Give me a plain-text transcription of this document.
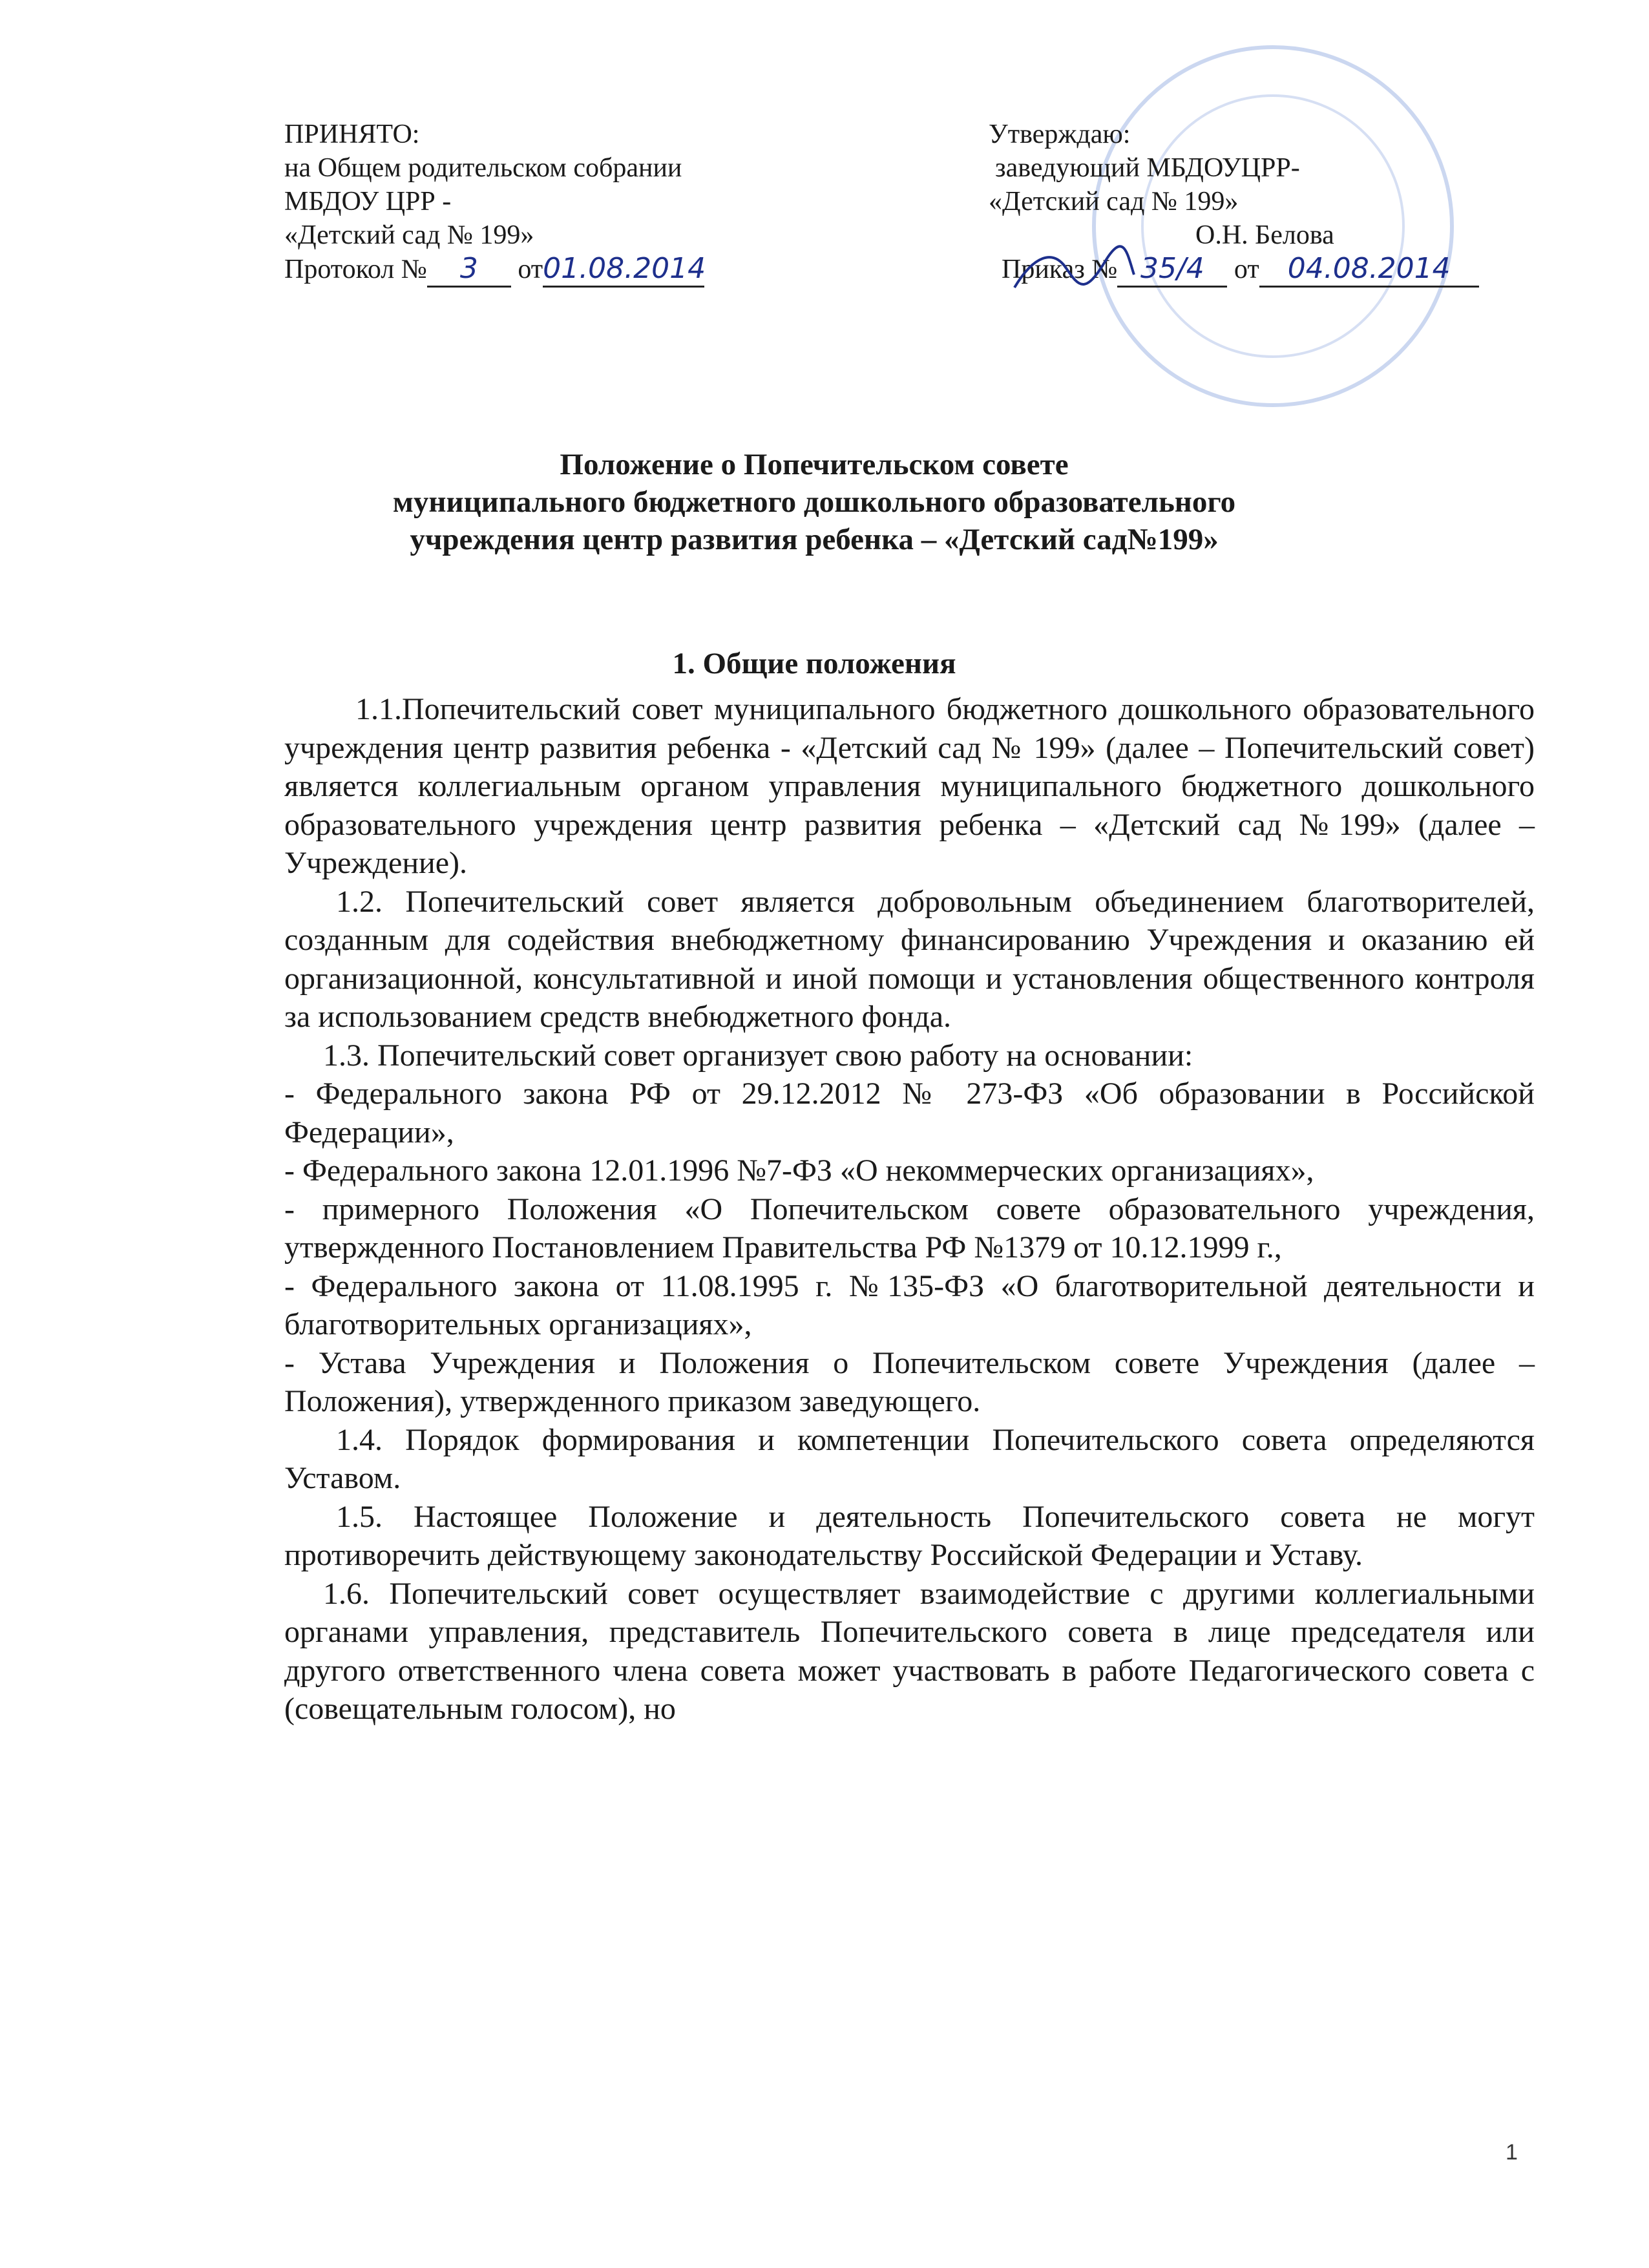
ПРИНЯТО:
на Общем родительском собрании
МБДОУ ЦРР -
«Детский сад № 199»
Протокол № 3 от01.08.2014
Утверждаю:
заведующий МБДОУЦРР-
«Детский сад № 199»
О.Н. Белова
Приказ № 35/4 от 04.08.2014
Положение о Попечительском совете
муниципального бюджетного дошкольного образовательного
учреждения центр развития ребенка – «Детский сад№199»
1. Общие положения

1.1.Попечительский совет муниципального бюджетного дошкольного образовательного учреждения центр развития ребенка - «Детский сад № 199» (далее – Попечительский совет) является коллегиальным органом управления муниципального бюджетного дошкольного образовательного учреждения центр развития ребенка – «Детский сад №199» (далее – Учреждение).

1.2. Попечительский совет является добровольным объединением благотворителей, созданным для содействия внебюджетному финансированию Учреждения и оказанию ей организационной, консультативной и иной помощи и установления общественного контроля за использованием средств внебюджетного фонда.

1.3. Попечительский совет организует свою работу на основании:

- Федерального закона РФ от 29.12.2012 № 273-ФЗ «Об образовании в Российской Федерации»,

- Федерального закона 12.01.1996 №7-ФЗ «О некоммерческих организациях»,

- примерного Положения «О Попечительском совете образовательного учреждения, утвержденного Постановлением Правительства РФ №1379 от 10.12.1999 г.,

- Федерального закона от 11.08.1995 г. №135-ФЗ «О благотворительной деятельности и благотворительных организациях»,

- Устава Учреждения и Положения о Попечительском совете Учреждения (далее – Положения), утвержденного приказом заведующего.

1.4. Порядок формирования и компетенции Попечительского совета определяются Уставом.

1.5. Настоящее Положение и деятельность Попечительского совета не могут противоречить действующему законодательству Российской Федерации и Уставу.

1.6. Попечительский совет осуществляет взаимодействие с другими коллегиальными органами управления, представитель Попечительского совета в лице председателя или другого ответственного члена совета может участвовать в работе Педагогического совета с (совещательным голосом), но

1
